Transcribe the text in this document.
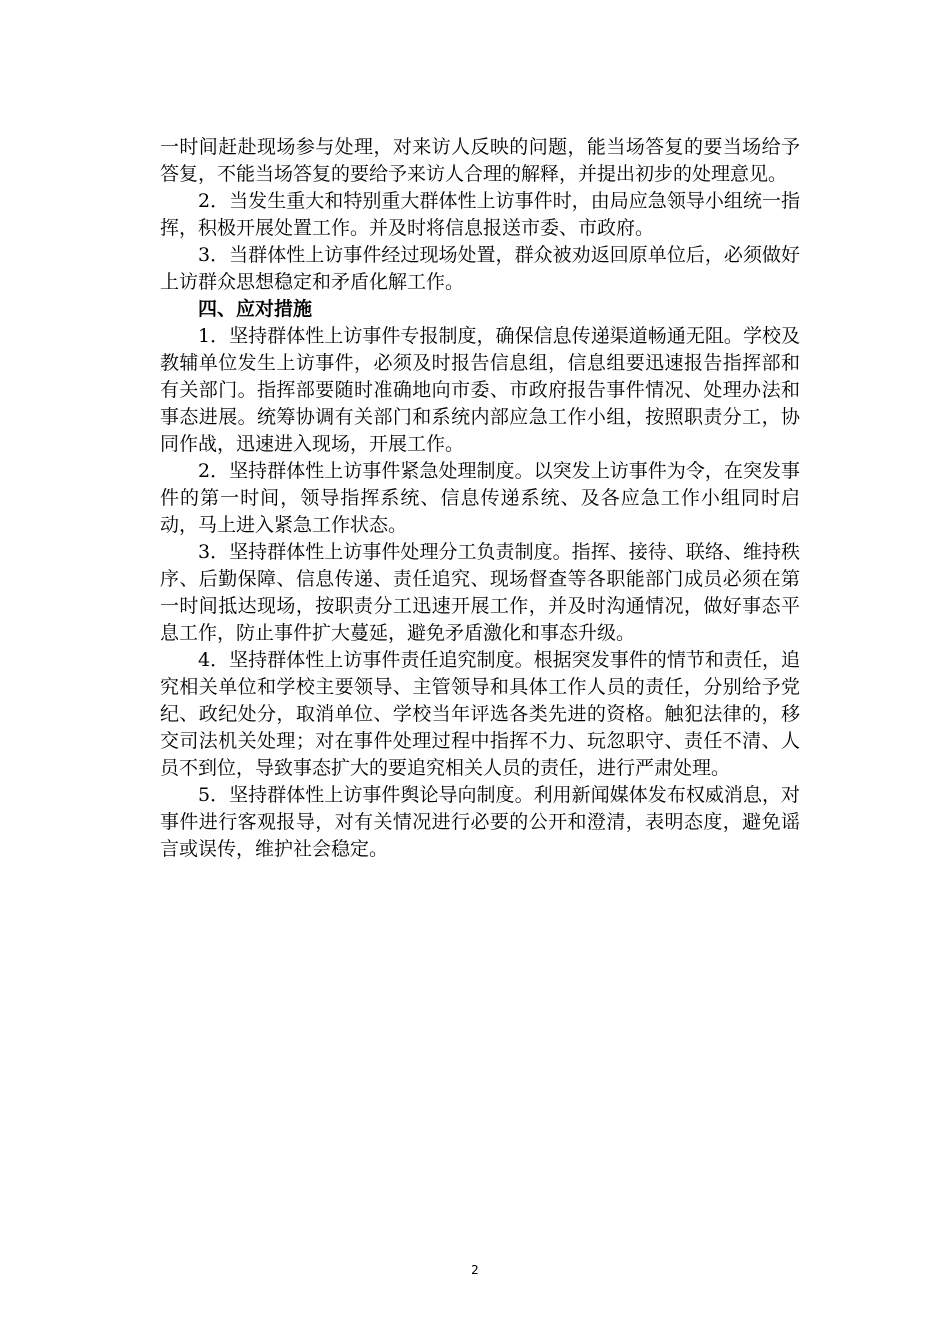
一时间赶赴现场参与处理，对来访人反映的问题，能当场答复的要当场给予答复，不能当场答复的要给予来访人合理的解释，并提出初步的处理意见。

2．当发生重大和特别重大群体性上访事件时，由局应急领导小组统一指挥，积极开展处置工作。并及时将信息报送市委、市政府。

3．当群体性上访事件经过现场处置，群众被劝返回原单位后，必须做好上访群众思想稳定和矛盾化解工作。

四、应对措施

1．坚持群体性上访事件专报制度，确保信息传递渠道畅通无阻。学校及教辅单位发生上访事件，必须及时报告信息组，信息组要迅速报告指挥部和有关部门。指挥部要随时准确地向市委、市政府报告事件情况、处理办法和事态进展。统筹协调有关部门和系统内部应急工作小组，按照职责分工，协同作战，迅速进入现场，开展工作。

2．坚持群体性上访事件紧急处理制度。以突发上访事件为令，在突发事件的第一时间，领导指挥系统、信息传递系统、及各应急工作小组同时启动，马上进入紧急工作状态。

3．坚持群体性上访事件处理分工负责制度。指挥、接待、联络、维持秩序、后勤保障、信息传递、责任追究、现场督查等各职能部门成员必须在第一时间抵达现场，按职责分工迅速开展工作，并及时沟通情况，做好事态平息工作，防止事件扩大蔓延，避免矛盾激化和事态升级。

4．坚持群体性上访事件责任追究制度。根据突发事件的情节和责任，追究相关单位和学校主要领导、主管领导和具体工作人员的责任，分别给予党纪、政纪处分，取消单位、学校当年评选各类先进的资格。触犯法律的，移交司法机关处理；对在事件处理过程中指挥不力、玩忽职守、责任不清、人员不到位，导致事态扩大的要追究相关人员的责任，进行严肃处理。

5．坚持群体性上访事件舆论导向制度。利用新闻媒体发布权威消息，对事件进行客观报导，对有关情况进行必要的公开和澄清，表明态度，避免谣言或误传，维护社会稳定。

2
